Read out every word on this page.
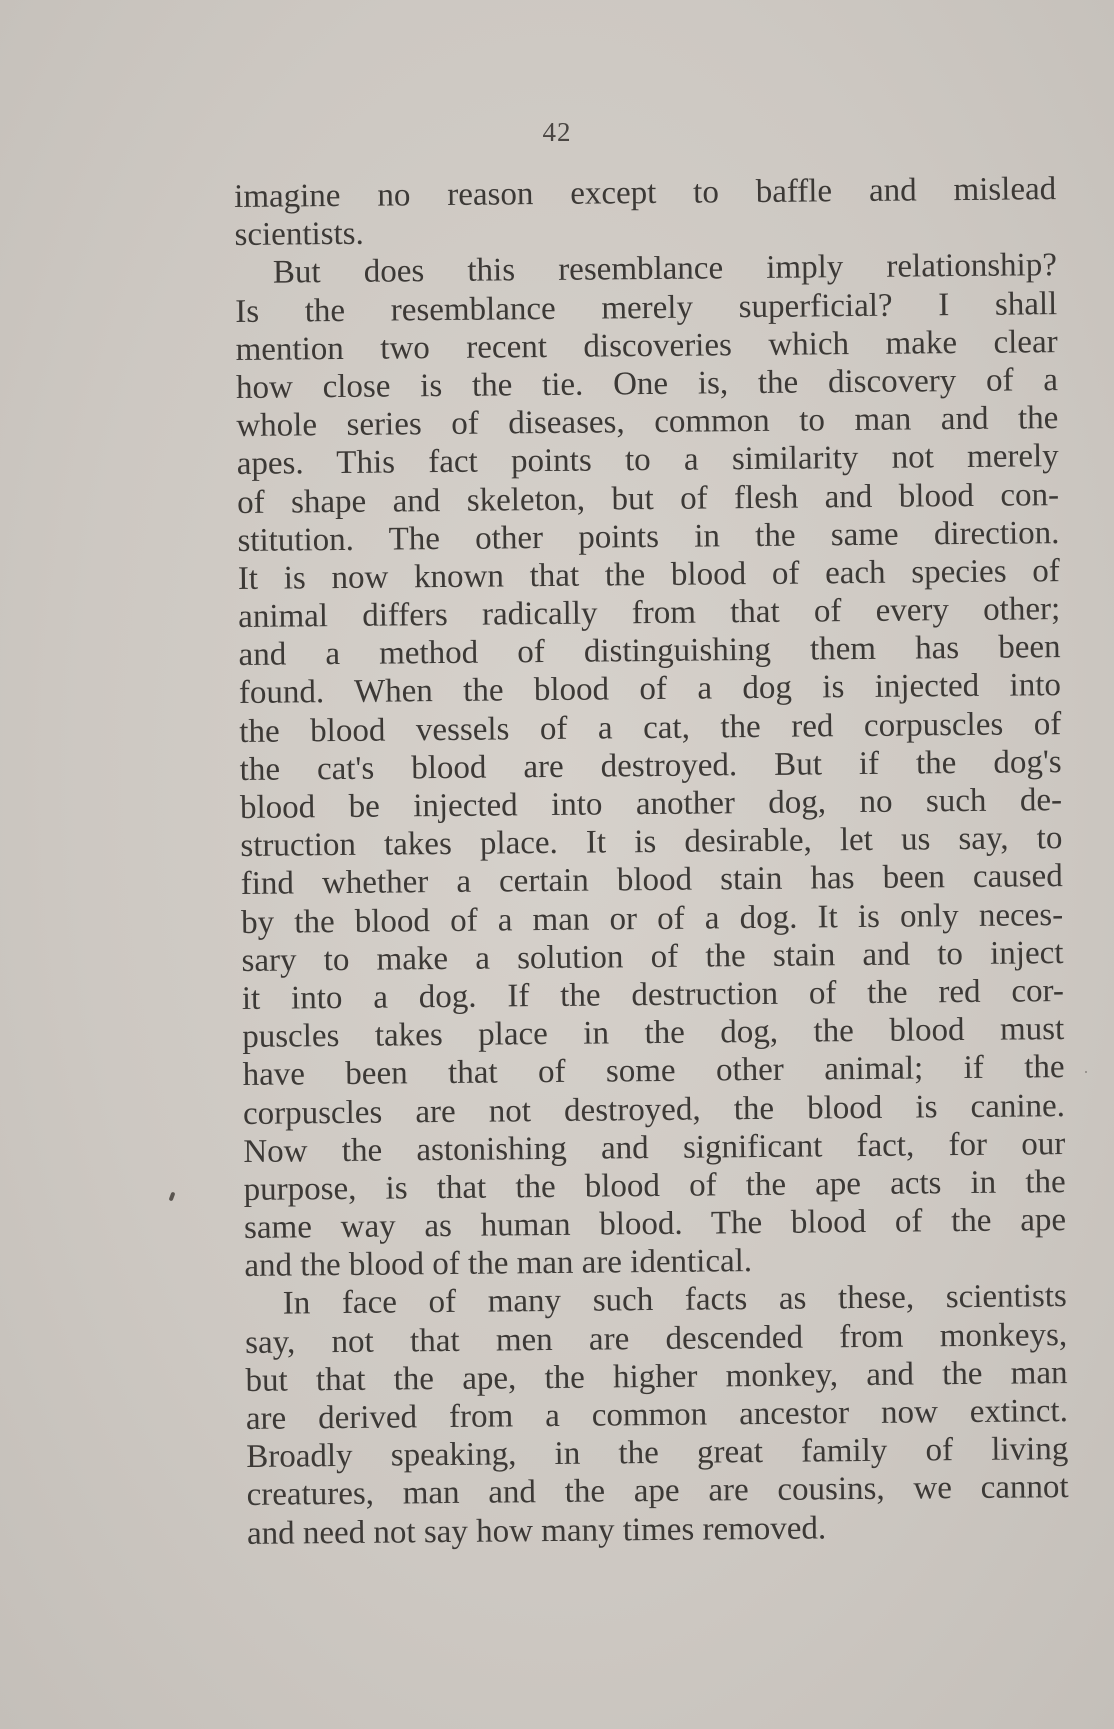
42
imagine no reason except to baffle and mislead
scientists.
But does this resemblance imply relationship?
Is the resemblance merely superficial? I shall
mention two recent discoveries which make clear
how close is the tie. One is, the discovery of a
whole series of diseases, common to man and the
apes. This fact points to a similarity not merely
of shape and skeleton, but of flesh and blood con-
stitution. The other points in the same direction.
It is now known that the blood of each species of
animal differs radically from that of every other;
and a method of distinguishing them has been
found. When the blood of a dog is injected into
the blood vessels of a cat, the red corpuscles of
the cat's blood are destroyed. But if the dog's
blood be injected into another dog, no such de-
struction takes place. It is desirable, let us say, to
find whether a certain blood stain has been caused
by the blood of a man or of a dog. It is only neces-
sary to make a solution of the stain and to inject
it into a dog. If the destruction of the red cor-
puscles takes place in the dog, the blood must
have been that of some other animal; if the
corpuscles are not destroyed, the blood is canine.
Now the astonishing and significant fact, for our
purpose, is that the blood of the ape acts in the
same way as human blood. The blood of the ape
and the blood of the man are identical.
In face of many such facts as these, scientists
say, not that men are descended from monkeys,
but that the ape, the higher monkey, and the man
are derived from a common ancestor now extinct.
Broadly speaking, in the great family of living
creatures, man and the ape are cousins, we cannot
and need not say how many times removed.
